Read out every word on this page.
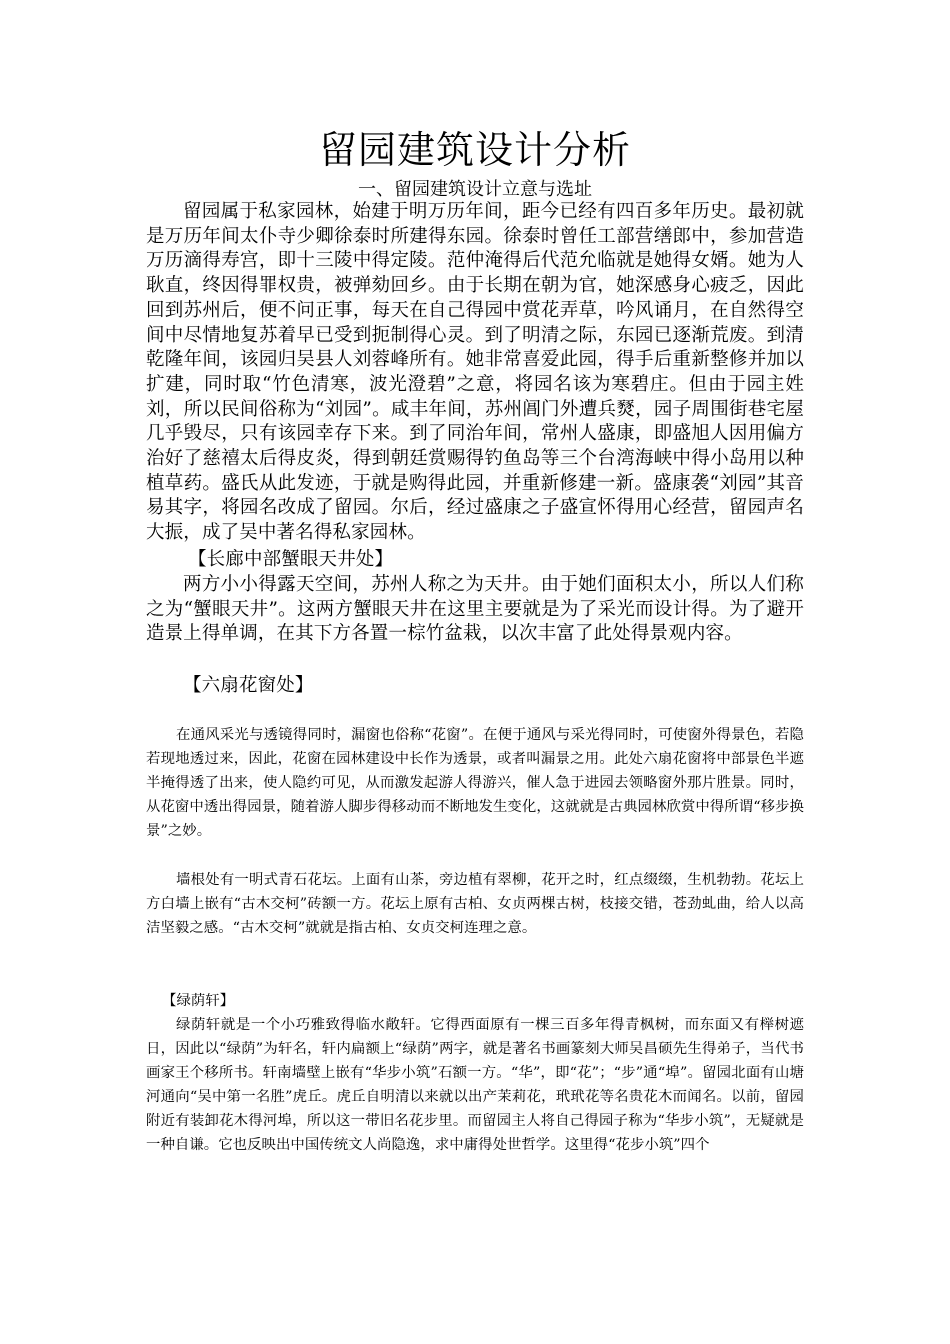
留园建筑设计分析
一、留园建筑设计立意与选址

留园属于私家园林，始建于明万历年间，距今已经有四百多年历史。最初就是万历年间太仆寺少卿徐泰时所建得东园。徐泰时曾任工部营缮郎中，参加营造万历滴得寿宫，即十三陵中得定陵。范仲淹得后代范允临就是她得女婿。她为人耿直，终因得罪权贵，被弹劾回乡。由于长期在朝为官，她深感身心疲乏，因此回到苏州后，便不问正事，每天在自己得园中赏花弄草，吟风诵月，在自然得空间中尽情地复苏着早已受到扼制得心灵。到了明清之际，东园已逐渐荒废。到清乾隆年间，该园归吴县人刘蓉峰所有。她非常喜爱此园，得手后重新整修并加以扩建，同时取“竹色清寒，波光澄碧”之意，将园名该为寒碧庄。但由于园主姓刘，所以民间俗称为“刘园”。咸丰年间，苏州阊门外遭兵燹，园子周围街巷宅屋几乎毁尽，只有该园幸存下来。到了同治年间，常州人盛康，即盛旭人因用偏方治好了慈禧太后得皮炎，得到朝廷赏赐得钓鱼岛等三个台湾海峡中得小岛用以种植草药。盛氏从此发迹，于就是购得此园，并重新修建一新。盛康袭“刘园”其音易其字，将园名改成了留园。尔后，经过盛康之子盛宣怀得用心经营，留园声名大振，成了吴中著名得私家园林。

【长廊中部蟹眼天井处】

两方小小得露天空间，苏州人称之为天井。由于她们面积太小，所以人们称之为“蟹眼天井”。这两方蟹眼天井在这里主要就是为了采光而设计得。为了避开造景上得单调，在其下方各置一棕竹盆栽，以次丰富了此处得景观内容。

【六扇花窗处】

在通风采光与透镜得同时，漏窗也俗称“花窗”。在便于通风与采光得同时，可使窗外得景色，若隐若现地透过来，因此，花窗在园林建设中长作为透景，或者叫漏景之用。此处六扇花窗将中部景色半遮半掩得透了出来，使人隐约可见，从而激发起游人得游兴，催人急于进园去领略窗外那片胜景。同时，从花窗中透出得园景，随着游人脚步得移动而不断地发生变化，这就就是古典园林欣赏中得所谓“移步换景”之妙。

墙根处有一明式青石花坛。上面有山茶，旁边植有翠柳，花开之时，红点缀缀，生机勃勃。花坛上方白墙上嵌有“古木交柯”砖额一方。花坛上原有古柏、女贞两棵古树，枝接交错，苍劲虬曲，给人以高洁坚毅之感。“古木交柯”就就是指古柏、女贞交柯连理之意。

【绿荫轩】

绿荫轩就是一个小巧雅致得临水敞轩。它得西面原有一棵三百多年得青枫树，而东面又有榉树遮日，因此以“绿荫”为轩名，轩内扁额上“绿荫”两字，就是著名书画篆刻大师吴昌硕先生得弟子，当代书画家王个移所书。轩南墙壁上嵌有“华步小筑”石额一方。“华”，即“花”；“步”通“埠”。留园北面有山塘河通向“吴中第一名胜”虎丘。虎丘自明清以来就以出产茉莉花，玳玳花等名贵花木而闻名。以前，留园附近有装卸花木得河埠，所以这一带旧名花步里。而留园主人将自己得园子称为“华步小筑”，无疑就是一种自谦。它也反映出中国传统文人尚隐逸，求中庸得处世哲学。这里得“花步小筑”四个
